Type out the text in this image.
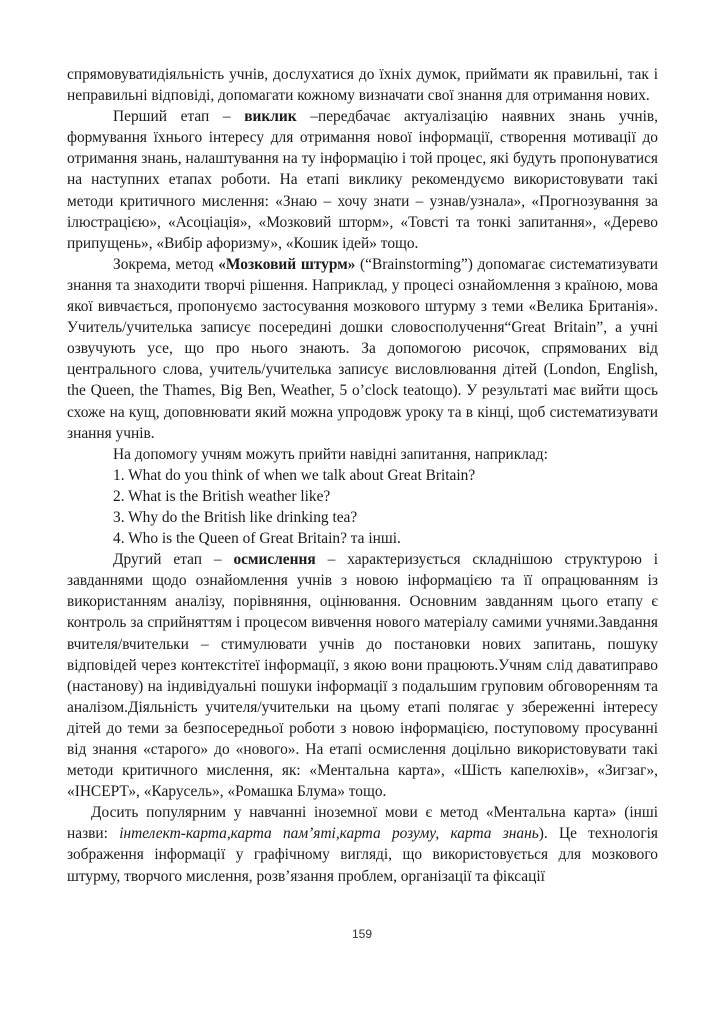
спрямовуватидіяльність учнів, дослухатися до їхніх думок, приймати як правильні, так і неправильні відповіді, допомагати кожному визначати свої знання для отримання нових.

Перший етап – виклик –передбачає актуалізацію наявних знань учнів, формування їхнього інтересу для отримання нової інформації, створення мотивації до отримання знань, налаштування на ту інформацію і той процес, які будуть пропонуватися на наступних етапах роботи. На етапі виклику рекомендуємо використовувати такі методи критичного мислення: «Знаю – хочу знати – узнав/узнала», «Прогнозування за ілюстрацією», «Асоціація», «Мозковий шторм», «Товсті та тонкі запитання», «Дерево припущень», «Вибір афоризму», «Кошик ідей» тощо.

Зокрема, метод «Мозковий штурм» (“Brainstorming”) допомагає систематизувати знання та знаходити творчі рішення. Наприклад, у процесі ознайомлення з країною, мова якої вивчається, пропонуємо застосування мозкового штурму з теми «Велика Британія». Учитель/учителька записує посередині дошки словосполучення“Great Britain”, а учні озвучують усе, що про нього знають. За допомогою рисочок, спрямованих від центрального слова, учитель/учителька записує висловлювання дітей (London, English, the Queen, the Thames, Big Ben, Weather, 5 o’clock teatощо). У результаті має вийти щось схоже на кущ, доповнювати який можна упродовж уроку та в кінці, щоб систематизувати знання учнів.

На допомогу учням можуть прийти навідні запитання, наприклад:

1. What do you think of when we talk about Great Britain?

2. What is the British weather like?

3. Why do the British like drinking tea?

4. Who is the Queen of Great Britain? та інші.

Другий етап – осмислення – характеризується складнішою структурою і завданнями щодо ознайомлення учнів з новою інформацією та її опрацюванням із використанням аналізу, порівняння, оцінювання. Основним завданням цього етапу є контроль за сприйняттям і процесом вивчення нового матеріалу самими учнями.Завдання вчителя/вчительки – стимулювати учнів до постановки нових запитань, пошуку відповідей через контекстітеї інформації, з якою вони працюють.Учням слід даватиправо (настанову) на індивідуальні пошуки інформації з подальшим груповим обговоренням та аналізом.Діяльність учителя/учительки на цьому етапі полягає у збереженні інтересу дітей до теми за безпосередньої роботи з новою інформацією, поступовому просуванні від знання «старого» до «нового». На етапі осмислення доцільно використовувати такі методи критичного мислення, як: «Ментальна карта», «Шість капелюхів», «Зигзаг», «ІНСЕРТ», «Карусель», «Ромашка Блума» тощо.

Досить популярним у навчанні іноземної мови є метод «Ментальна карта» (інші назви: інтелект-карта,карта пам’яті,карта розуму, карта знань). Це технологія зображення інформації у графічному вигляді, що використовується для мозкового штурму, творчого мислення, розв’язання проблем, організації та фіксації

159
